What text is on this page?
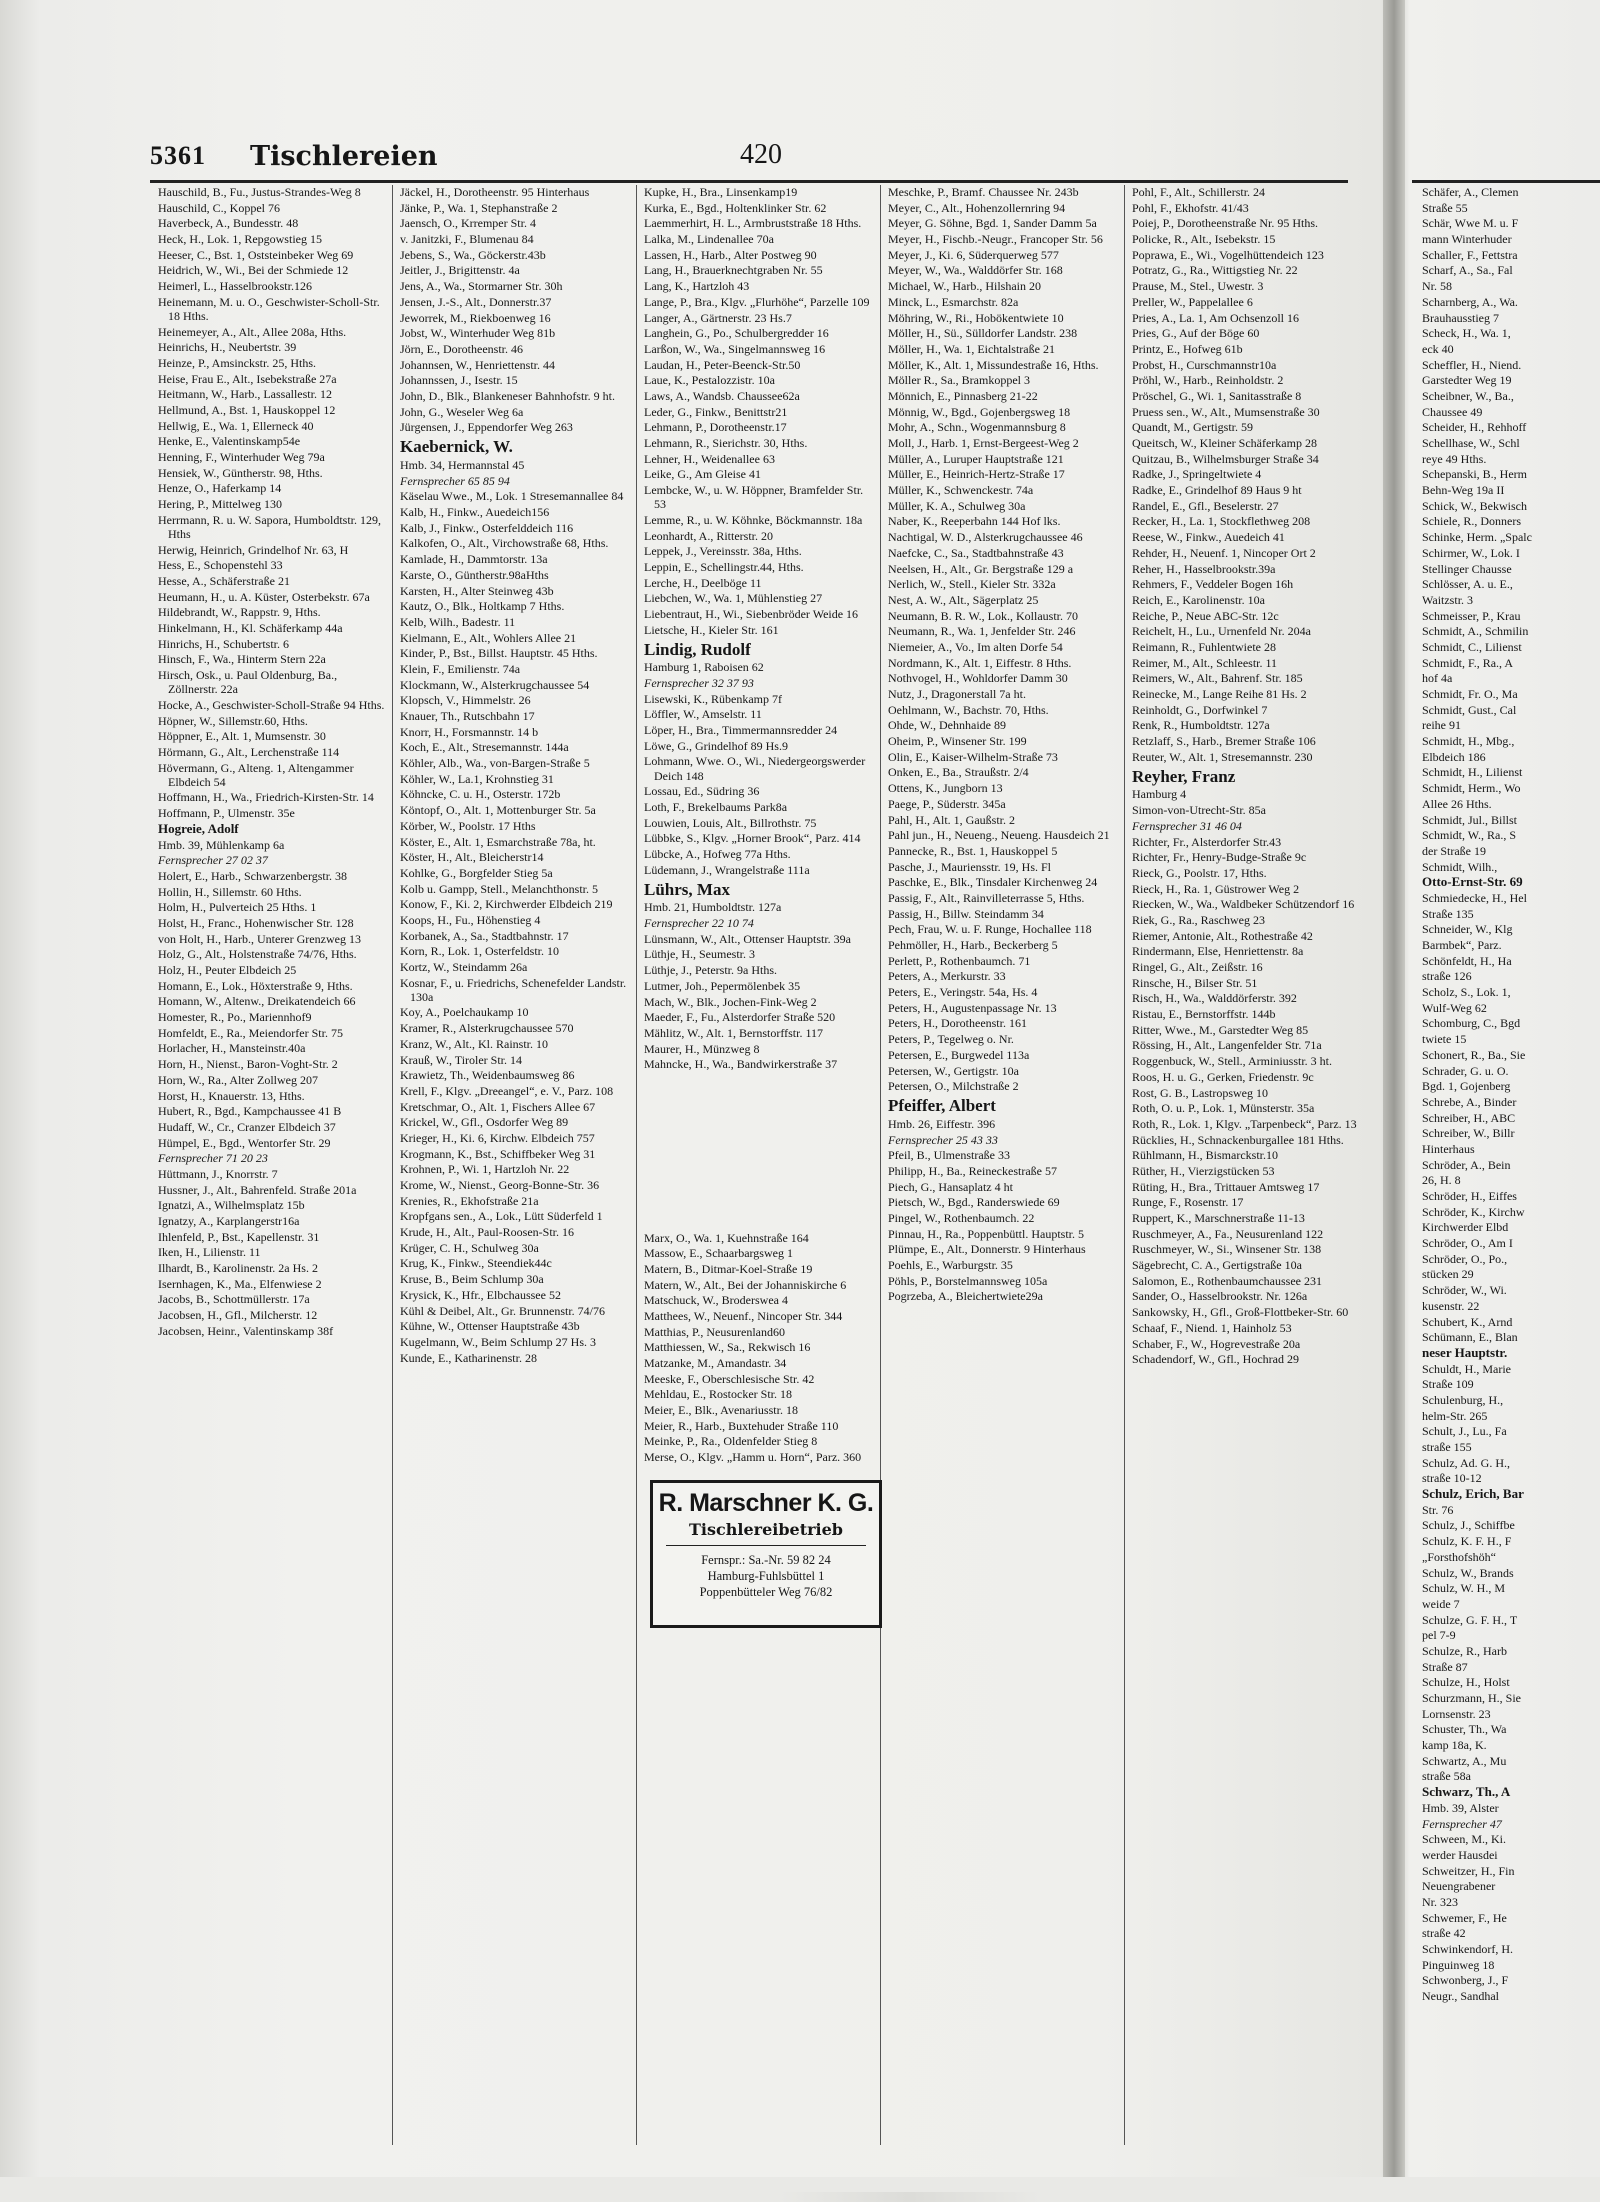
5361 Tischlereien	420
Hauschild, B., Fu., Justus-Strandes-Weg 8
Hauschild, C., Koppel 76
Haverbeck, A., Bundesstr. 48
Heck, H., Lok. 1, Repgowstieg 15
Heeser, C., Bst. 1, Oststeinbeker Weg 69
Heidrich, W., Wi., Bei der Schmiede 12
Heimerl, L., Hasselbrookstr.126
Heinemann, M. u. O., Geschwister-Scholl-Str. 18 Hths.
Heinemeyer, A., Alt., Allee 208a, Hths.
Heinrichs, H., Neubertstr. 39
Heinze, P., Amsinckstr. 25, Hths.
Heise, Frau E., Alt., Isebekstraße 27a
Heitmann, W., Harb., Lassallestr. 12
Hellmund, A., Bst. 1, Hauskoppel 12
Hellwig, E., Wa. 1, Ellerneck 40
Henke, E., Valentinskamp54e
Henning, F., Winterhuder Weg 79a
Hensiek, W., Güntherstr. 98, Hths.
Henze, O., Haferkamp 14
Hering, P., Mittelweg 130
Herrmann, R. u. W. Sapora, Humboldtstr. 129, Hths
Herwig, Heinrich, Grindelhof Nr. 63, H
Hess, E., Schopenstehl 33
Hesse, A., Schäferstraße 21
Heumann, H., u. A. Küster, Osterbekstr. 67a
Hildebrandt, W., Rappstr. 9, Hths.
Hinkelmann, H., Kl. Schäferkamp 44a
Hinrichs, H., Schubertstr. 6
Hinsch, F., Wa., Hinterm Stern 22a
Hirsch, Osk., u. Paul Oldenburg, Ba., Zöllnerstr. 22a
Hocke, A., Geschwister-Scholl-Straße 94 Hths.
Höpner, W., Sillemstr.60, Hths.
Höppner, E., Alt. 1, Mumsenstr. 30
Hörmann, G., Alt., Lerchenstraße 114
Hövermann, G., Alteng. 1, Altengammer Elbdeich 54
Hoffmann, H., Wa., Friedrich-Kirsten-Str. 14
Hoffmann, P., Ulmenstr. 35e
Hogreie, Adolf
Hmb. 39, Mühlenkamp 6a
Fernsprecher 27 02 37
Holert, E., Harb., Schwarzenbergstr. 38
Hollin, H., Sillemstr. 60 Hths.
Holm, H., Pulverteich 25 Hths. 1
Holst, H., Franc., Hohenwischer Str. 128
von Holt, H., Harb., Unterer Grenzweg 13
Holz, G., Alt., Holstenstraße 74/76, Hths.
Holz, H., Peuter Elbdeich 25
Homann, E., Lok., Höxterstraße 9, Hths.
Homann, W., Altenw., Dreikatendeich 66
Homester, R., Po., Mariennhof9
Homfeldt, E., Ra., Meiendorfer Str. 75
Horlacher, H., Mansteinstr.40a
Horn, H., Nienst., Baron-Voght-Str. 2
Horn, W., Ra., Alter Zollweg 207
Horst, H., Knauerstr. 13, Hths.
Hubert, R., Bgd., Kampchaussee 41 B
Hudaff, W., Cr., Cranzer Elbdeich 37
Hümpel, E., Bgd., Wentorfer Str. 29
Fernsprecher 71 20 23
Hüttmann, J., Knorrstr. 7
Hussner, J., Alt., Bahrenfeld. Straße 201a
Ignatzi, A., Wilhelmsplatz 15b
Ignatzy, A., Karplangerstr16a
Ihlenfeld, P., Bst., Kapellenstr. 31
Iken, H., Lilienstr. 11
Ilhardt, B., Karolinenstr. 2a Hs. 2
Isernhagen, K., Ma., Elfenwiese 2
Jacobs, B., Schottmüllerstr. 17a
Jacobsen, H., Gfl., Milcherstr. 12
Jacobsen, Heinr., Valentinskamp 38f
Jäckel, H., Dorotheenstr. 95 Hinterhaus
Jänke, P., Wa. 1, Stephanstraße 2
Jaensch, O., Krremper Str. 4
v. Janitzki, F., Blumenau 84
Jebens, S., Wa., Göckerstr.43b
Jeitler, J., Brigittenstr. 4a
Jens, A., Wa., Stormarner Str. 30h
Jensen, J.-S., Alt., Donnerstr.37
Jeworrek, M., Riekboenweg 16
Jobst, W., Winterhuder Weg 81b
Jörn, E., Dorotheenstr. 46
Johannsen, W., Henriettenstr. 44
Johannssen, J., Isestr. 15
John, D., Blk., Blankeneser Bahnhofstr. 9 ht.
John, G., Weseler Weg 6a
Jürgensen, J., Eppendorfer Weg 263
Kaebernick, W.
Hmb. 34, Hermannstal 45
Fernsprecher 65 85 94
Käselau Wwe., M., Lok. 1 Stresemannallee 84
Kalb, H., Finkw., Auedeich156
Kalb, J., Finkw., Osterfelddeich 116
Kalkofen, O., Alt., Virchowstraße 68, Hths.
Kamlade, H., Dammtorstr. 13a
Karste, O., Güntherstr.98aHths
Karsten, H., Alter Steinweg 43b
Kautz, O., Blk., Holtkamp 7 Hths.
Kelb, Wilh., Badestr. 11
Kielmann, E., Alt., Wohlers Allee 21
Kinder, P., Bst., Billst. Hauptstr. 45 Hths.
Klein, F., Emilienstr. 74a
Klockmann, W., Alsterkrugchaussee 54
Klopsch, V., Himmelstr. 26
Knauer, Th., Rutschbahn 17
Knorr, H., Forsmannstr. 14 b
Koch, E., Alt., Stresemannstr. 144a
Köhler, Alb., Wa., von-Bargen-Straße 5
Köhler, W., La.1, Krohnstieg 31
Köhncke, C. u. H., Osterstr. 172b
Köntopf, O., Alt. 1, Mottenburger Str. 5a
Körber, W., Poolstr. 17 Hths
Köster, E., Alt. 1, Esmarchstraße 78a, ht.
Köster, H., Alt., Bleicherstr14
Kohlke, G., Borgfelder Stieg 5a
Kolb u. Gampp, Stell., Melanchthonstr. 5
Konow, F., Ki. 2, Kirchwerder Elbdeich 219
Koops, H., Fu., Höhenstieg 4
Korbanek, A., Sa., Stadtbahnstr. 17
Korn, R., Lok. 1, Osterfeldstr. 10
Kortz, W., Steindamm 26a
Kosnar, F., u. Friedrichs, Schenefelder Landstr. 130a
Koy, A., Poelchaukamp 10
Kramer, R., Alsterkrugchaussee 570
Kranz, W., Alt., Kl. Rainstr. 10
Krauß, W., Tiroler Str. 14
Krawietz, Th., Weidenbaumsweg 86
Krell, F., Klgv. „Dreeangel“, e. V., Parz. 108
Kretschmar, O., Alt. 1, Fischers Allee 67
Krickel, W., Gfl., Osdorfer Weg 89
Krieger, H., Ki. 6, Kirchw. Elbdeich 757
Krogmann, K., Bst., Schiffbeker Weg 31
Krohnen, P., Wi. 1, Hartzloh Nr. 22
Krome, W., Nienst., Georg-Bonne-Str. 36
Krenies, R., Ekhofstraße 21a
Kropfgans sen., A., Lok., Lütt Süderfeld 1
Krude, H., Alt., Paul-Roosen-Str. 16
Krüger, C. H., Schulweg 30a
Krug, K., Finkw., Steendiek44c
Kruse, B., Beim Schlump 30a
Krysick, K., Hfr., Elbchaussee 52
Kühl & Deibel, Alt., Gr. Brunnenstr. 74/76
Kühne, W., Ottenser Hauptstraße 43b
Kugelmann, W., Beim Schlump 27 Hs. 3
Kunde, E., Katharinenstr. 28
Kupke, H., Bra., Linsenkamp19
Kurka, E., Bgd., Holtenklinker Str. 62
Laemmerhirt, H. L., Armbruststraße 18 Hths.
Lalka, M., Lindenallee 70a
Lassen, H., Harb., Alter Postweg 90
Lang, H., Brauerknechtgraben Nr. 55
Lang, K., Hartzloh 43
Lange, P., Bra., Klgv. „Flurhöhe“, Parzelle 109
Langer, A., Gärtnerstr. 23 Hs.7
Langhein, G., Po., Schulbergredder 16
Larßon, W., Wa., Singelmannsweg 16
Laudan, H., Peter-Beenck-Str.50
Laue, K., Pestalozzistr. 10a
Laws, A., Wandsb. Chaussee62a
Leder, G., Finkw., Benittstr21
Lehmann, P., Dorotheenstr.17
Lehmann, R., Sierichstr. 30, Hths.
Lehner, H., Weidenallee 63
Leike, G., Am Gleise 41
Lembcke, W., u. W. Höppner, Bramfelder Str. 53
Lemme, R., u. W. Köhnke, Böckmannstr. 18a
Leonhardt, A., Ritterstr. 20
Leppek, J., Vereinsstr. 38a, Hths.
Leppin, E., Schellingstr.44, Hths.
Lerche, H., Deelböge 11
Liebchen, W., Wa. 1, Mühlenstieg 27
Liebentraut, H., Wi., Siebenbröder Weide 16
Lietsche, H., Kieler Str. 161
Lindig, Rudolf
Hamburg 1, Raboisen 62
Fernsprecher 32 37 93
Lisewski, K., Rübenkamp 7f
Löffler, W., Amselstr. 11
Löper, H., Bra., Timmermannsredder 24
Löwe, G., Grindelhof 89 Hs.9
Lohmann, Wwe. O., Wi., Niedergeorgswerder Deich 148
Lossau, Ed., Südring 36
Loth, F., Brekelbaums Park8a
Louwien, Louis, Alt., Billrothstr. 75
Lübbke, S., Klgv. „Horner Brook“, Parz. 414
Lübcke, A., Hofweg 77a Hths.
Lüdemann, J., Wrangelstraße 111a
Lührs, Max
Hmb. 21, Humboldtstr. 127a
Fernsprecher 22 10 74
Lünsmann, W., Alt., Ottenser Hauptstr. 39a
Lüthje, H., Seumestr. 3
Lüthje, J., Peterstr. 9a Hths.
Lutmer, Joh., Pepermölenbek 35
Mach, W., Blk., Jochen-Fink-Weg 2
Maeder, F., Fu., Alsterdorfer Straße 520
Mählitz, W., Alt. 1, Bernstorffstr. 117
Maurer, H., Münzweg 8
Mahncke, H., Wa., Bandwirkerstraße 37
Marx, O., Wa. 1, Kuehnstraße 164
Massow, E., Schaarbargsweg 1
Matern, B., Ditmar-Koel-Straße 19
Matern, W., Alt., Bei der Johanniskirche 6
Matschuck, W., Broderswea 4
Matthees, W., Neuenf., Nincoper Str. 344
Matthias, P., Neusurenland60
Matthiessen, W., Sa., Rekwisch 16
Matzanke, M., Amandastr. 34
Meeske, F., Oberschlesische Str. 42
Mehldau, E., Rostocker Str. 18
Meier, E., Blk., Avenariusstr. 18
Meier, R., Harb., Buxtehuder Straße 110
Meinke, P., Ra., Oldenfelder Stieg 8
Merse, O., Klgv. „Hamm u. Horn“, Parz. 360
Meschke, P., Bramf. Chaussee Nr. 243b
Meyer, C., Alt., Hohenzollernring 94
Meyer, G. Söhne, Bgd. 1, Sander Damm 5a
Meyer, H., Fischb.-Neugr., Francoper Str. 56
Meyer, J., Ki. 6, Süderquerweg 577
Meyer, W., Wa., Walddörfer Str. 168
Michael, W., Harb., Hilshain 20
Minck, L., Esmarchstr. 82a
Möhring, W., Ri., Hobökentwiete 10
Möller, H., Sü., Sülldorfer Landstr. 238
Möller, H., Wa. 1, Eichtalstraße 21
Möller, K., Alt. 1, Missundestraße 16, Hths.
Möller R., Sa., Bramkoppel 3
Mönnich, E., Pinnasberg 21-22
Mönnig, W., Bgd., Gojenbergsweg 18
Mohr, A., Schn., Wogenmannsburg 8
Moll, J., Harb. 1, Ernst-Bergeest-Weg 2
Müller, A., Luruper Hauptstraße 121
Müller, E., Heinrich-Hertz-Straße 17
Müller, K., Schwenckestr. 74a
Müller, K. A., Schulweg 30a
Naber, K., Reeperbahn 144 Hof lks.
Nachtigal, W. D., Alsterkrugchaussee 46
Naefcke, C., Sa., Stadtbahnstraße 43
Neelsen, H., Alt., Gr. Bergstraße 129 a
Nerlich, W., Stell., Kieler Str. 332a
Nest, A. W., Alt., Sägerplatz 25
Neumann, B. R. W., Lok., Kollaustr. 70
Neumann, R., Wa. 1, Jenfelder Str. 246
Niemeier, A., Vo., Im alten Dorfe 54
Nordmann, K., Alt. 1, Eiffestr. 8 Hths.
Nothvogel, H., Wohldorfer Damm 30
Nutz, J., Dragonerstall 7a ht.
Oehlmann, W., Bachstr. 70, Hths.
Ohde, W., Dehnhaide 89
Oheim, P., Winsener Str. 199
Olin, E., Kaiser-Wilhelm-Straße 73
Onken, E., Ba., Straußstr. 2/4
Ottens, K., Jungborn 13
Paege, P., Süderstr. 345a
Pahl, H., Alt. 1, Gaußstr. 2
Pahl jun., H., Neueng., Neueng. Hausdeich 21
Pannecke, R., Bst. 1, Hauskoppel 5
Pasche, J., Mauriensstr. 19, Hs. Fl
Paschke, E., Blk., Tinsdaler Kirchenweg 24
Passig, F., Alt., Rainvilleterrasse 5, Hths.
Passig, H., Billw. Steindamm 34
Pech, Frau, W. u. F. Runge, Hochallee 118
Pehmöller, H., Harb., Beckerberg 5
Perlett, P., Rothenbaumch. 71
Peters, A., Merkurstr. 33
Peters, E., Veringstr. 54a, Hs. 4
Peters, H., Augustenpassage Nr. 13
Peters, H., Dorotheenstr. 161
Peters, P., Tegelweg o. Nr.
Petersen, E., Burgwedel 113a
Petersen, W., Gertigstr. 10a
Petersen, O., Milchstraße 2
Pfeiffer, Albert
Hmb. 26, Eiffestr. 396
Fernsprecher 25 43 33
Pfeil, B., Ulmenstraße 33
Philipp, H., Ba., Reineckestraße 57
Piech, G., Hansaplatz 4 ht
Pietsch, W., Bgd., Randerswiede 69
Pingel, W., Rothenbaumch. 22
Pinnau, H., Ra., Poppenbüttl. Hauptstr. 5
Plümpe, E., Alt., Donnerstr. 9 Hinterhaus
Poehls, E., Warburgstr. 35
Pöhls, P., Borstelmannsweg 105a
Pogrzeba, A., Bleichertwiete29a
Pohl, F., Alt., Schillerstr. 24
Pohl, F., Ekhofstr. 41/43
Poiej, P., Dorotheenstraße Nr. 95 Hths.
Policke, R., Alt., Isebekstr. 15
Poprawa, E., Wi., Vogelhüttendeich 123
Potratz, G., Ra., Wittigstieg Nr. 22
Prause, M., Stel., Uwestr. 3
Preller, W., Pappelallee 6
Pries, A., La. 1, Am Ochsenzoll 16
Pries, G., Auf der Böge 60
Printz, E., Hofweg 61b
Probst, H., Curschmannstr10a
Pröhl, W., Harb., Reinholdstr. 2
Pröschel, G., Wi. 1, Sanitasstraße 8
Pruess sen., W., Alt., Mumsenstraße 30
Quandt, M., Gertigstr. 59
Queitsch, W., Kleiner Schäferkamp 28
Quitzau, B., Wilhelmsburger Straße 34
Radke, J., Springeltwiete 4
Radke, E., Grindelhof 89 Haus 9 ht
Randel, E., Gfl., Beselerstr. 27
Recker, H., La. 1, Stockflethweg 208
Reese, W., Finkw., Auedeich 41
Rehder, H., Neuenf. 1, Nincoper Ort 2
Reher, H., Hasselbrookstr.39a
Rehmers, F., Veddeler Bogen 16h
Reich, E., Karolinenstr. 10a
Reiche, P., Neue ABC-Str. 12c
Reichelt, H., Lu., Urnenfeld Nr. 204a
Reimann, R., Fuhlentwiete 28
Reimer, M., Alt., Schleestr. 11
Reimers, W., Alt., Bahrenf. Str. 185
Reinecke, M., Lange Reihe 81 Hs. 2
Reinholdt, G., Dorfwinkel 7
Renk, R., Humboldtstr. 127a
Retzlaff, S., Harb., Bremer Straße 106
Reuter, W., Alt. 1, Stresemannstr. 230
Reyher, Franz
Hamburg 4
Simon-von-Utrecht-Str. 85a
Fernsprecher 31 46 04
Richter, Fr., Alsterdorfer Str.43
Richter, Fr., Henry-Budge-Straße 9c
Rieck, G., Poolstr. 17, Hths.
Rieck, H., Ra. 1, Güstrower Weg 2
Riecken, W., Wa., Waldbeker Schützendorf 16
Riek, G., Ra., Raschweg 23
Riemer, Antonie, Alt., Rothestraße 42
Rindermann, Else, Henriettenstr. 8a
Ringel, G., Alt., Zeißstr. 16
Rinsche, H., Bilser Str. 51
Risch, H., Wa., Walddörferstr. 392
Ristau, E., Bernstorffstr. 144b
Ritter, Wwe., M., Garstedter Weg 85
Rössing, H., Alt., Langenfelder Str. 71a
Roggenbuck, W., Stell., Arminiusstr. 3 ht.
Roos, H. u. G., Gerken, Friedenstr. 9c
Rost, G. B., Lastropsweg 10
Roth, O. u. P., Lok. 1, Münsterstr. 35a
Roth, R., Lok. 1, Klgv. „Tarpenbeck“, Parz. 13
Rücklies, H., Schnackenburgallee 181 Hths.
Rühlmann, H., Bismarckstr.10
Rüther, H., Vierzigstücken 53
Rüting, H., Bra., Trittauer Amtsweg 17
Runge, F., Rosenstr. 17
Ruppert, K., Marschnerstraße 11-13
Ruschmeyer, A., Fa., Neusurenland 122
Ruschmeyer, W., Si., Winsener Str. 138
Sägebrecht, C. A., Gertigstraße 10a
Salomon, E., Rothenbaumchaussee 231
Sander, O., Hasselbrookstr. Nr. 126a
Sankowsky, H., Gfl., Groß-Flottbeker-Str. 60
Schaaf, F., Niend. 1, Hainholz 53
Schaber, F., W., Hogrevestraße 20a
Schadendorf, W., Gfl., Hochrad 29
R. Marschner K. G.
Tischlereibetrieb
Fernspr.: Sa.-Nr. 59 82 24
Hamburg-Fuhlsbüttel 1
Poppenbütteler Weg 76/82
Schäfer, A., Clemen
Straße 55
Schär, Wwe M. u. F
mann Winterhuder
Schaller, F., Fettstra
Scharf, A., Sa., Fal
Nr. 58
Scharnberg, A., Wa.
Brauhausstieg 7
Scheck, H., Wa. 1,
eck 40
Scheffler, H., Niend.
Garstedter Weg 19
Scheibner, W., Ba.,
Chaussee 49
Scheider, H., Rehhoff
Schellhase, W., Schl
reye 49 Hths.
Schepanski, B., Herm
Behn-Weg 19a II
Schick, W., Bekwisch
Schiele, R., Donners
Schinke, Herm. „Spalc
Schirmer, W., Lok. I
Stellinger Chausse
Schlösser, A. u. E.,
Waitzstr. 3
Schmeisser, P., Krau
Schmidt, A., Schmilin
Schmidt, C., Lilienst
Schmidt, F., Ra., A
hof 4a
Schmidt, Fr. O., Ma
Schmidt, Gust., Cal
reihe 91
Schmidt, H., Mbg.,
Elbdeich 186
Schmidt, H., Lilienst
Schmidt, Herm., Wo
Allee 26 Hths.
Schmidt, Jul., Billst
Schmidt, W., Ra., S
der Straße 19
Schmidt, Wilh.,
Otto-Ernst-Str. 69
Schmiedecke, H., Hel
Straße 135
Schneider, W., Klg
Barmbek“, Parz.
Schönfeldt, H., Ha
straße 126
Scholz, S., Lok. 1,
Wulf-Weg 62
Schomburg, C., Bgd
twiete 15
Schonert, R., Ba., Sie
Schrader, G. u. O.
Bgd. 1, Gojenberg
Schrebe, A., Binder
Schreiber, H., ABC
Schreiber, W., Billr
Hinterhaus
Schröder, A., Bein
26, H. 8
Schröder, H., Eiffes
Schröder, K., Kirchw
Kirchwerder Elbd
Schröder, O., Am I
Schröder, O., Po.,
stücken 29
Schröder, W., Wi.
kusenstr. 22
Schubert, K., Arnd
Schümann, E., Blan
neser Hauptstr.
Schuldt, H., Marie
Straße 109
Schulenburg, H.,
helm-Str. 265
Schult, J., Lu., Fa
straße 155
Schulz, Ad. G. H.,
straße 10-12
Schulz, Erich, Bar
Str. 76
Schulz, J., Schiffbe
Schulz, K. F. H., F
„Forsthofshöh“
Schulz, W., Brands
Schulz, W. H., M
weide 7
Schulze, G. F. H., T
pel 7-9
Schulze, R., Harb
Straße 87
Schulze, H., Holst
Schurzmann, H., Sie
Lornsenstr. 23
Schuster, Th., Wa
kamp 18a, K.
Schwartz, A., Mu
straße 58a
Schwarz, Th., A
Hmb. 39, Alster
Fernsprecher 47
Schween, M., Ki.
werder Hausdei
Schweitzer, H., Fin
Neuengrabener
Nr. 323
Schwemer, F., He
straße 42
Schwinkendorf, H.
Pinguinweg 18
Schwonberg, J., F
Neugr., Sandhal
